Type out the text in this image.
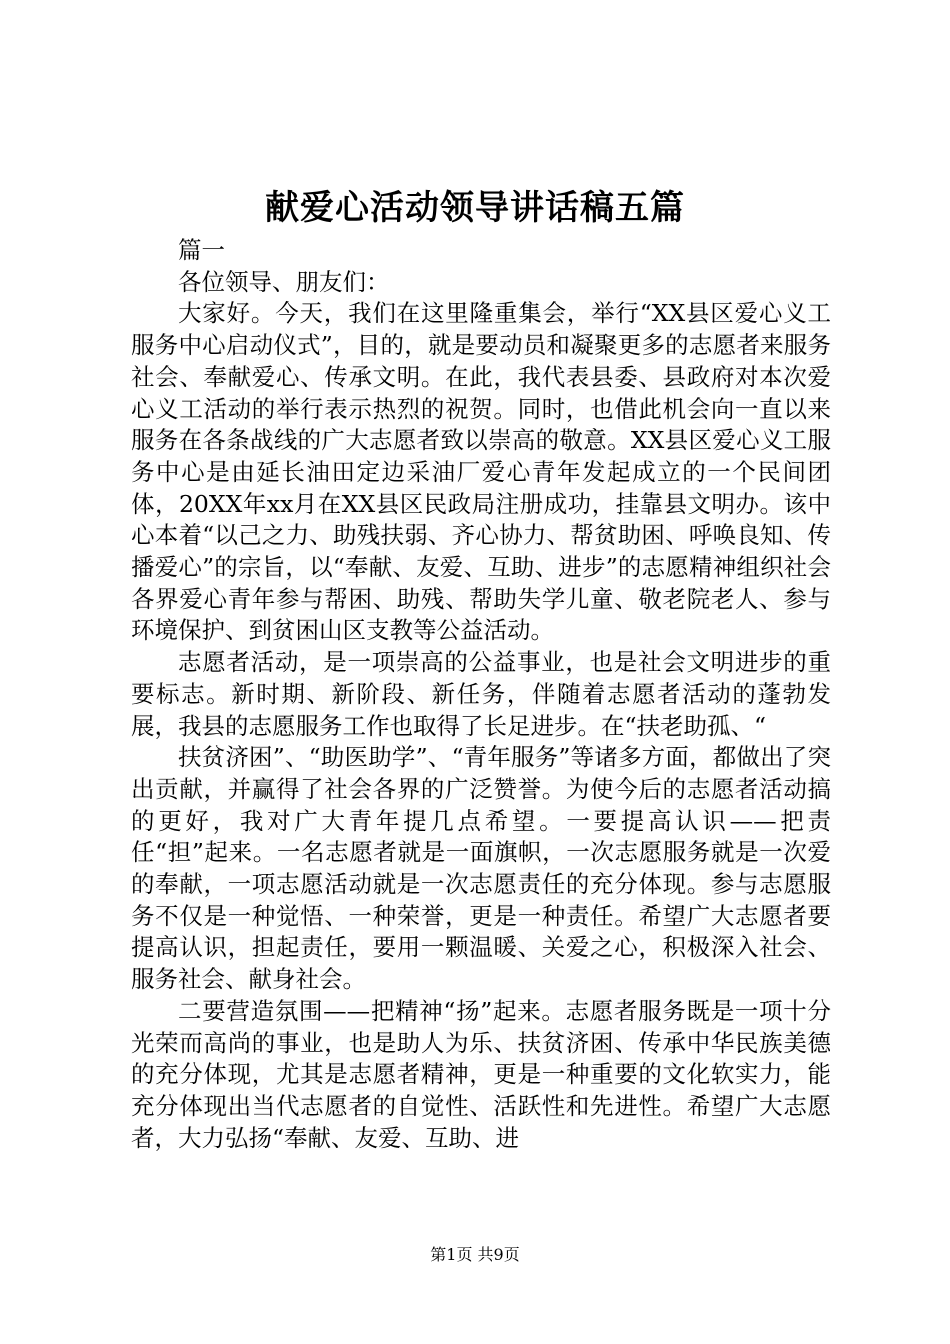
献爱心活动领导讲话稿五篇

篇一

各位领导、朋友们：

大家好。今天，我们在这里隆重集会，举行“XX县区爱心义工服务中心启动仪式”，目的，就是要动员和凝聚更多的志愿者来服务社会、奉献爱心、传承文明。在此，我代表县委、县政府对本次爱心义工活动的举行表示热烈的祝贺。同时，也借此机会向一直以来服务在各条战线的广大志愿者致以崇高的敬意。XX县区爱心义工服务中心是由延长油田定边采油厂爱心青年发起成立的一个民间团体，20XX年xx月在XX县区民政局注册成功，挂靠县文明办。该中心本着“以己之力、助残扶弱、齐心协力、帮贫助困、呼唤良知、传播爱心”的宗旨，以“奉献、友爱、互助、进步”的志愿精神组织社会各界爱心青年参与帮困、助残、帮助失学儿童、敬老院老人、参与环境保护、到贫困山区支教等公益活动。

志愿者活动，是一项崇高的公益事业，也是社会文明进步的重要标志。新时期、新阶段、新任务，伴随着志愿者活动的蓬勃发展，我县的志愿服务工作也取得了长足进步。在“扶老助孤、“

扶贫济困”、“助医助学”、“青年服务”等诸多方面，都做出了突出贡献，并赢得了社会各界的广泛赞誉。为使今后的志愿者活动搞的更好，我对广大青年提几点希望。一要提高认识——把责任“担”起来。一名志愿者就是一面旗帜，一次志愿服务就是一次爱的奉献，一项志愿活动就是一次志愿责任的充分体现。参与志愿服务不仅是一种觉悟、一种荣誉，更是一种责任。希望广大志愿者要提高认识，担起责任，要用一颗温暖、关爱之心，积极深入社会、服务社会、献身社会。

二要营造氛围——把精神“扬”起来。志愿者服务既是一项十分光荣而高尚的事业，也是助人为乐、扶贫济困、传承中华民族美德的充分体现，尤其是志愿者精神，更是一种重要的文化软实力，能充分体现出当代志愿者的自觉性、活跃性和先进性。希望广大志愿者，大力弘扬“奉献、友爱、互助、进

第1页 共9页
